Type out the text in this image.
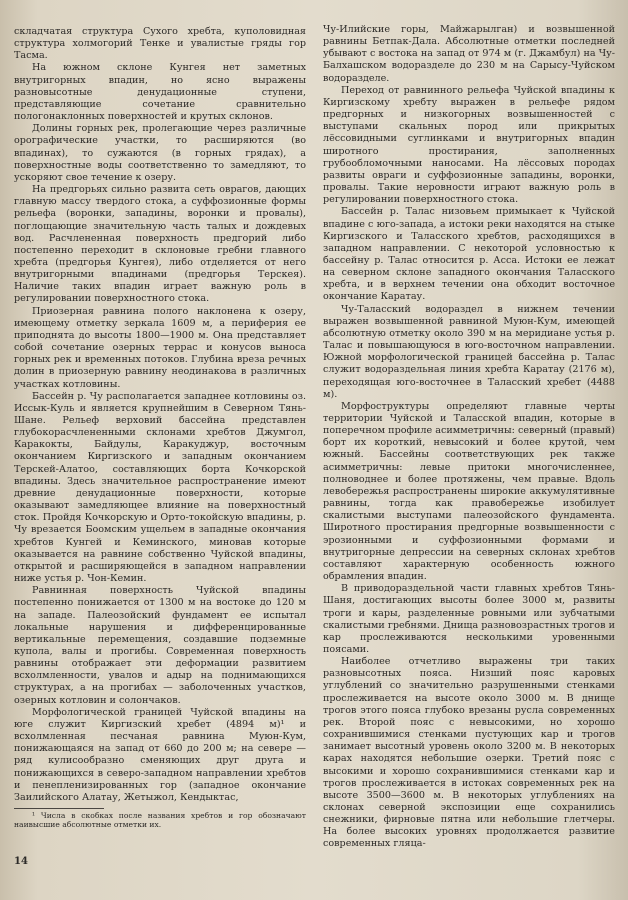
складчатая структура Сухого хребта, куполовидная структура холмогорий Тенке и увалистые гряды гор Тасма.

На южном склоне Кунгея нет заметных внутригорных впадин, но ясно выражены разновысотные денудационные ступени, представляющие сочетание сравнительно пологонаклонных поверхностей и крутых склонов.

Долины горных рек, пролегающие через различные орографические участки, то расширяются (во впадинах), то сужаются (в горных грядах), а поверхностные воды соответственно то замедляют, то ускоряют свое течение к озеру.

На предгорьях сильно развита сеть оврагов, дающих главную массу твердого стока, а суффозионные формы рельефа (воронки, западины, воронки и провалы), поглощающие значительную часть талых и дождевых вод. Расчлененная поверхность предгорий либо постепенно переходит в склоновые гребни главного хребта (предгорья Кунгея), либо отделяется от него внутригорными впадинами (предгорья Терскея). Наличие таких впадин играет важную роль в регулировании поверхностного стока.

Приозерная равнина полого наклонена к озеру, имеющему отметку зеркала 1609 м, а периферия ее приподнята до высоты 1800—1900 м. Она представляет собой сочетание озерных террас и конусов выноса горных рек и временных потоков. Глубина вреза речных долин в приозерную равнину неодинакова в различных участках котловины.

Бассейн р. Чу располагается западнее котловины оз. Иссык-Куль и является крупнейшим в Северном Тянь-Шане. Рельеф верховий бассейна представлен глубокорасчлененными склонами хребтов Джумгол, Каракокты, Байдулы, Каракуджур, восточным окончанием Киргизского и западным окончанием Терскей-Алатоо, составляющих борта Кочкорской впадины. Здесь значительное распространение имеют древние денудационные поверхности, которые оказывают замедляющее влияние на поверхностный сток. Пройдя Кочкорскую и Орто-токойскую впадины, р. Чу врезается Боомским ущельем в западные окончания хребтов Кунгей и Кеминского, миновав которые оказывается на равнине собственно Чуйской впадины, открытой и расширяющейся в западном направлении ниже устья р. Чон-Кемин.

Равнинная поверхность Чуйской впадины постепенно понижается от 1300 м на востоке до 120 м на западе. Палеозойский фундамент ее испытал локальные нарушения и дифференцированные вертикальные перемещения, создавшие подземные купола, валы и прогибы. Современная поверхность равнины отображает эти деформации развитием всхолмленности, увалов и адыр на поднимающихся структурах, а на прогибах — заболоченных участков, озерных котловин и солончаков.

Морфологической границей Чуйской впадины на юге служит Киргизский хребет (4894 м)¹ и всхолмленная песчаная равнина Муюн-Кум, понижающаяся на запад от 660 до 200 м; на севере — ряд кулисообразно сменяющих друг друга и понижающихся в северо-западном направлении хребтов и пенепленизированных гор (западное окончание Заилийского Алатау, Жетыжол, Кендыктас,

¹ Числа в скобках после названия хребтов и гор обозначают наивысшие абсолютные отметки их.

Чу-Илийские горы, Майжарылган) и возвышенной равнины Бетпак-Дала. Абсолютные отметки последней убывают с востока на запад от 974 м (г. Джамбул) на Чу-Балхашском водоразделе до 230 м на Сарысу-Чуйском водоразделе.

Переход от равнинного рельефа Чуйской впадины к Киргизскому хребту выражен в рельефе рядом предгорных и низкогорных возвышенностей с выступами скальных пород или прикрытых лёссовидными суглинками и внутригорных впадин широтного простирания, заполненных грубообломочными наносами. На лёссовых породах развиты овраги и суффозионные западины, воронки, провалы. Такие неровности играют важную роль в регулировании поверхностного стока.

Бассейн р. Талас низовьем примыкает к Чуйской впадине с юго-запада, а истоки реки находятся на стыке Киргизского и Таласского хребтов, расходящихся в западном направлении. С некоторой условностью к бассейну р. Талас относится р. Асса. Истоки ее лежат на северном склоне западного окончания Таласского хребта, и в верхнем течении она обходит восточное окончание Каратау.

Чу-Таласский водораздел в нижнем течении выражен возвышенной равниной Муюн-Кум, имеющей абсолютную отметку около 390 м на меридиане устья р. Талас и повышающуюся в юго-восточном направлении. Южной морфологической границей бассейна р. Талас служит водораздельная линия хребта Каратау (2176 м), переходящая юго-восточнее в Таласский хребет (4488 м).

Морфоструктуры определяют главные черты территории Чуйской и Таласской впадин, которые в поперечном профиле асимметричны: северный (правый) борт их короткий, невысокий и более крутой, чем южный. Бассейны соответствующих рек также асимметричны: левые притоки многочисленнее, полноводнее и более протяжены, чем правые. Вдоль левобережья распространены широкие аккумулятивные равнины, тогда как правобережье изобилует скалистыми выступами палеозойского фундамента. Широтного простирания предгорные возвышенности с эрозионными и суффозионными формами и внутригорные депрессии на северных склонах хребтов составляют характерную особенность южного обрамления впадин.

В приводораздельной части главных хребтов Тянь-Шаня, достигающих высоты более 3000 м, развиты троги и кары, разделенные ровными или зубчатыми скалистыми гребнями. Днища разновозрастных трогов и кар прослеживаются несколькими уровенными поясами.

Наиболее отчетливо выражены три таких разновысотных пояса. Низший пояс каровых углублений со значительно разрушенными стенками прослеживается на высоте около 3000 м. В днище трогов этого пояса глубоко врезаны русла современных рек. Второй пояс с невысокими, но хорошо сохранившимися стенками пустующих кар и трогов занимает высотный уровень около 3200 м. В некоторых карах находятся небольшие озерки. Третий пояс с высокими и хорошо сохранившимися стенками кар и трогов прослеживается в истоках современных рек на высоте 3500—3600 м. В некоторых углублениях на склонах северной экспозиции еще сохранились снежники, фирновые пятна или небольшие глетчеры. На более высоких уровнях продолжается развитие современных гляца-

14
